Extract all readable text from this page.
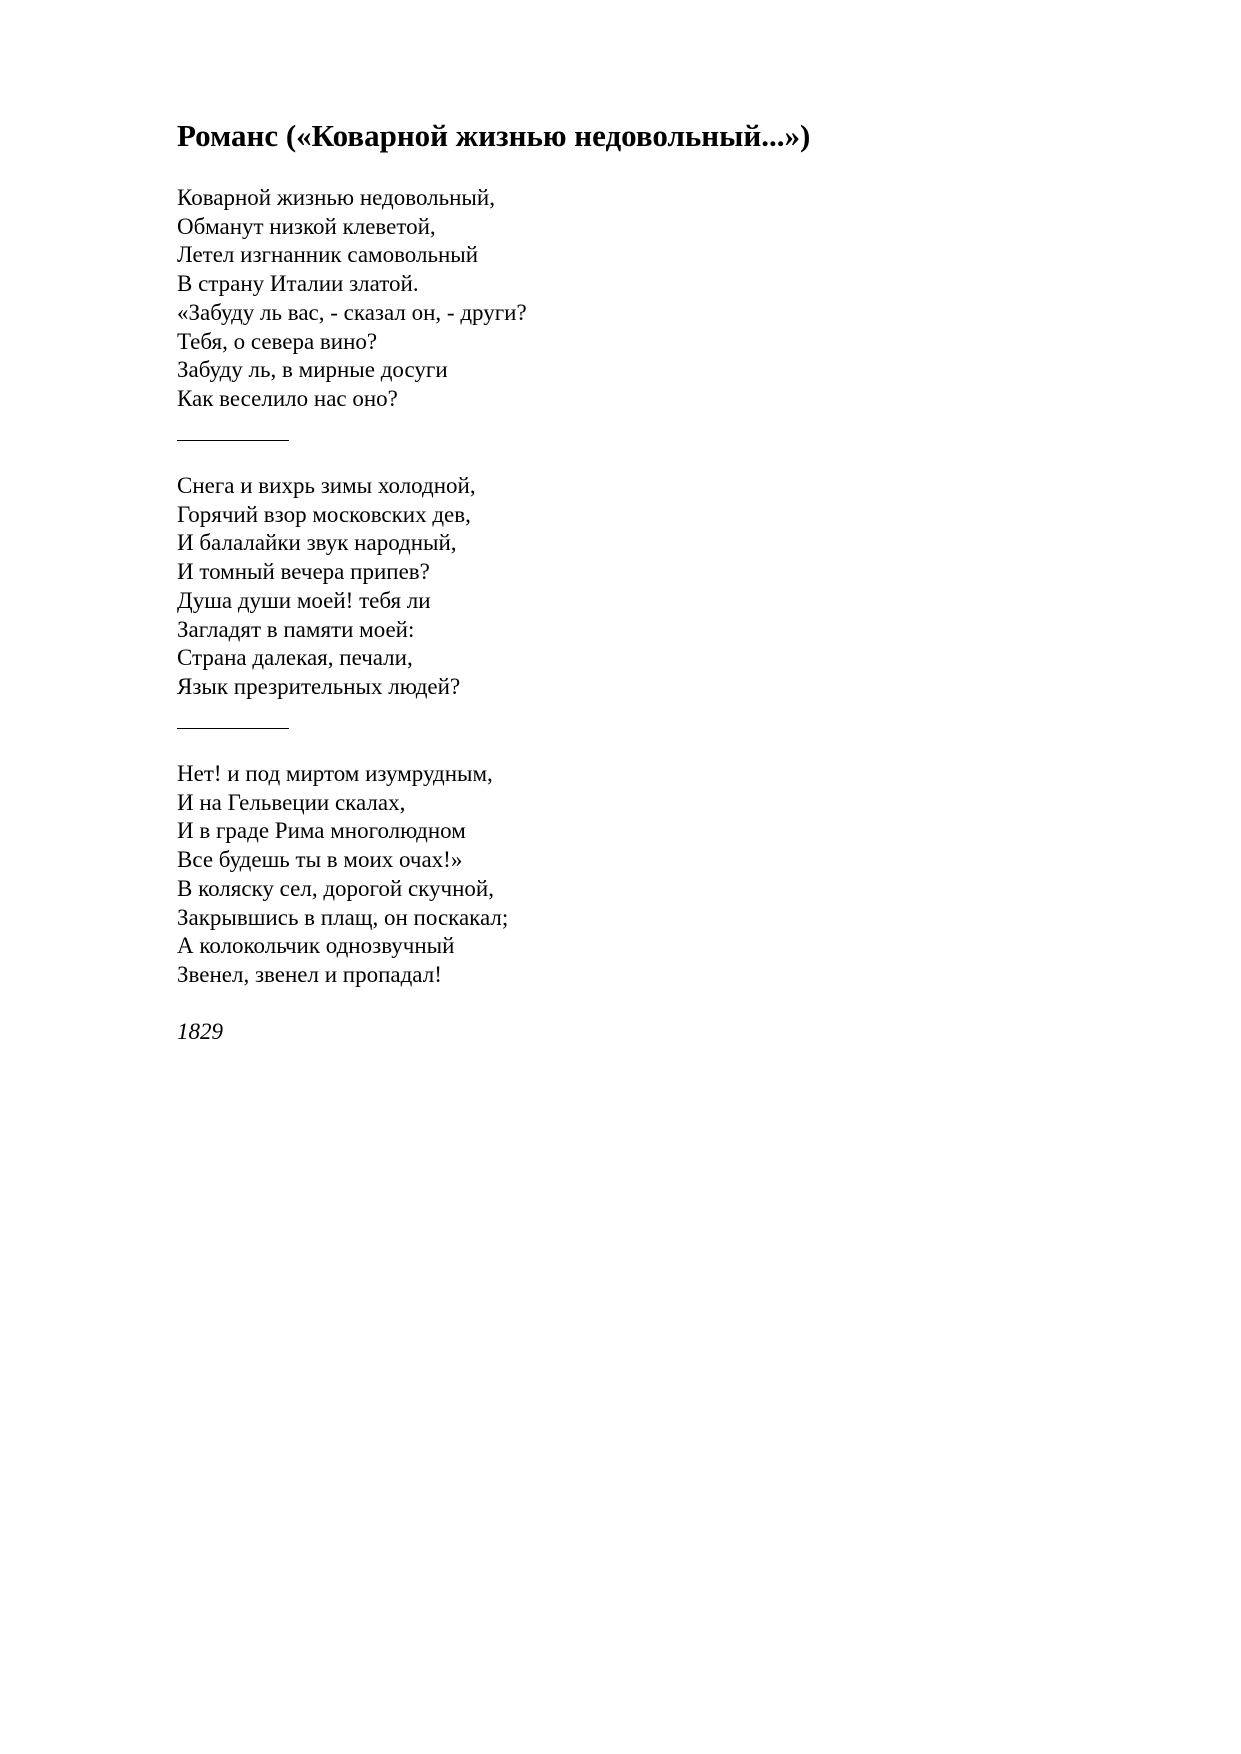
Романс («Коварной жизнью недовольный...»)
Коварной жизнью недовольный,
Обманут низкой клеветой,
Летел изгнанник самовольный
В страну Италии златой.
«Забуду ль вас, - сказал он, - други?
Тебя, о севера вино?
Забуду ль, в мирные досуги
Как веселило нас оно?
Снега и вихрь зимы холодной,
Горячий взор московских дев,
И балалайки звук народный,
И томный вечера припев?
Душа души моей! тебя ли
Загладят в памяти моей:
Страна далекая, печали,
Язык презрительных людей?
Нет! и под миртом изумрудным,
И на Гельвеции скалах,
И в граде Рима многолюдном
Все будешь ты в моих очах!»
В коляску сел, дорогой скучной,
Закрывшись в плащ, он поскакал;
А колокольчик однозвучный
Звенел, звенел и пропадал!

1829
